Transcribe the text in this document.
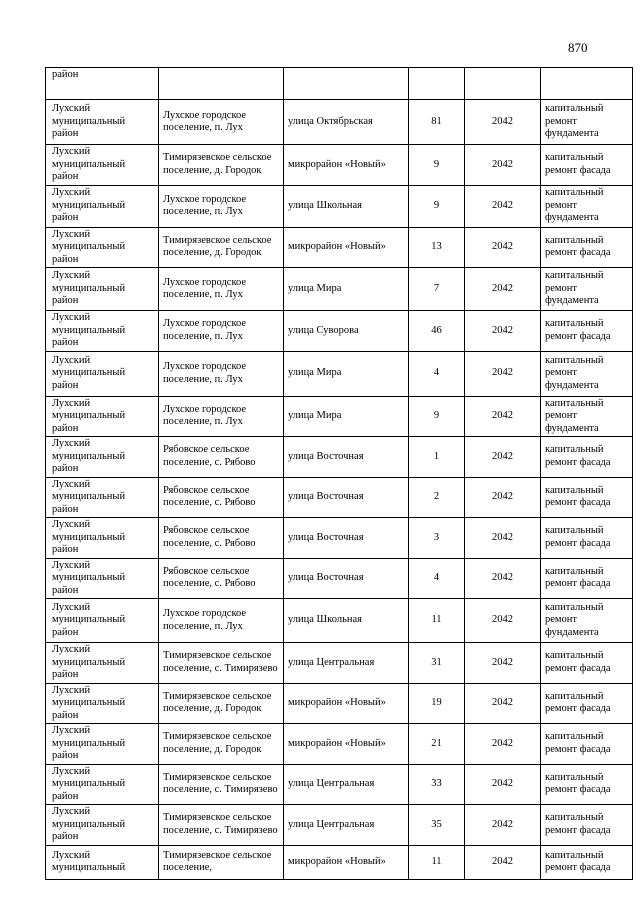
870
район					
Лухский муниципальный район	Лухское городское поселение, п. Лух	улица Октябрьская	81	2042	капитальный ремонт фундамента
Лухский муниципальный район	Тимирязевское сельское поселение, д. Городок	микрорайон «Новый»	9	2042	капитальный ремонт фасада
Лухский муниципальный район	Лухское городское поселение, п. Лух	улица Школьная	9	2042	капитальный ремонт фундамента
Лухский муниципальный район	Тимирязевское сельское поселение, д. Городок	микрорайон «Новый»	13	2042	капитальный ремонт фасада
Лухский муниципальный район	Лухское городское поселение, п. Лух	улица Мира	7	2042	капитальный ремонт фундамента
Лухский муниципальный район	Лухское городское поселение, п. Лух	улица Суворова	46	2042	капитальный ремонт фасада
Лухский муниципальный район	Лухское городское поселение, п. Лух	улица Мира	4	2042	капитальный ремонт фундамента
Лухский муниципальный район	Лухское городское поселение, п. Лух	улица Мира	9	2042	капитальный ремонт фундамента
Лухский муниципальный район	Рябовское сельское поселение, с. Рябово	улица Восточная	1	2042	капитальный ремонт фасада
Лухский муниципальный район	Рябовское сельское поселение, с. Рябово	улица Восточная	2	2042	капитальный ремонт фасада
Лухский муниципальный район	Рябовское сельское поселение, с. Рябово	улица Восточная	3	2042	капитальный ремонт фасада
Лухский муниципальный район	Рябовское сельское поселение, с. Рябово	улица Восточная	4	2042	капитальный ремонт фасада
Лухский муниципальный район	Лухское городское поселение, п. Лух	улица Школьная	11	2042	капитальный ремонт фундамента
Лухский муниципальный район	Тимирязевское сельское поселение, с. Тимирязево	улица Центральная	31	2042	капитальный ремонт фасада
Лухский муниципальный район	Тимирязевское сельское поселение, д. Городок	микрорайон «Новый»	19	2042	капитальный ремонт фасада
Лухский муниципальный район	Тимирязевское сельское поселение, д. Городок	микрорайон «Новый»	21	2042	капитальный ремонт фасада
Лухский муниципальный район	Тимирязевское сельское поселение, с. Тимирязево	улица Центральная	33	2042	капитальный ремонт фасада
Лухский муниципальный район	Тимирязевское сельское поселение, с. Тимирязево	улица Центральная	35	2042	капитальный ремонт фасада
Лухский муниципальный	Тимирязевское сельское поселение,	микрорайон «Новый»	11	2042	капитальный ремонт фасада
